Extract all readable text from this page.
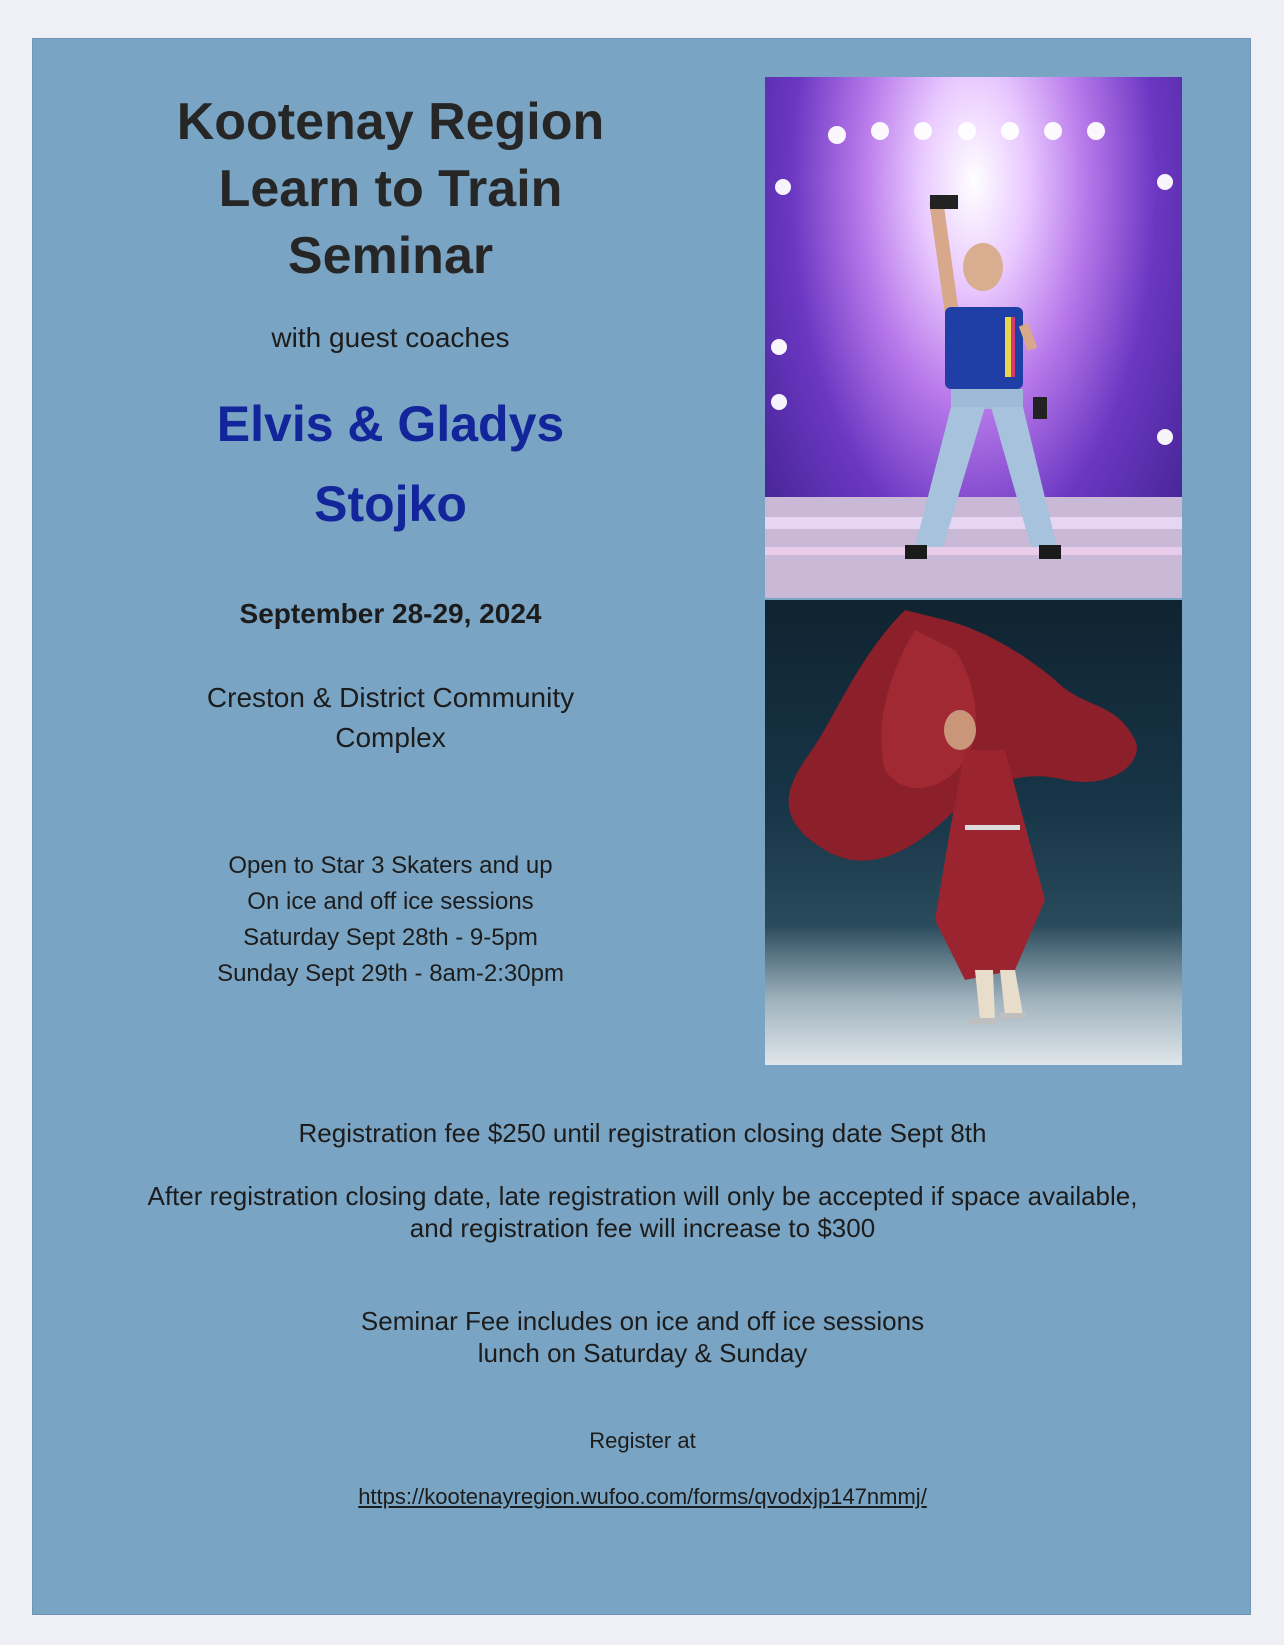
Kootenay Region
Learn to Train
Seminar
with guest coaches
Elvis & Gladys
Stojko
September 28-29, 2024
Creston & District Community
Complex
Open to Star 3 Skaters and up
On ice and off ice sessions
Saturday Sept 28th - 9-5pm
Sunday Sept 29th - 8am-2:30pm
Registration fee $250 until registration closing date Sept 8th
After registration closing date, late registration will only be accepted if space available,
and registration fee will increase to $300
Seminar Fee includes on ice and off ice sessions
lunch on Saturday & Sunday
Register at
https://kootenayregion.wufoo.com/forms/qvodxjp147nmmj/
